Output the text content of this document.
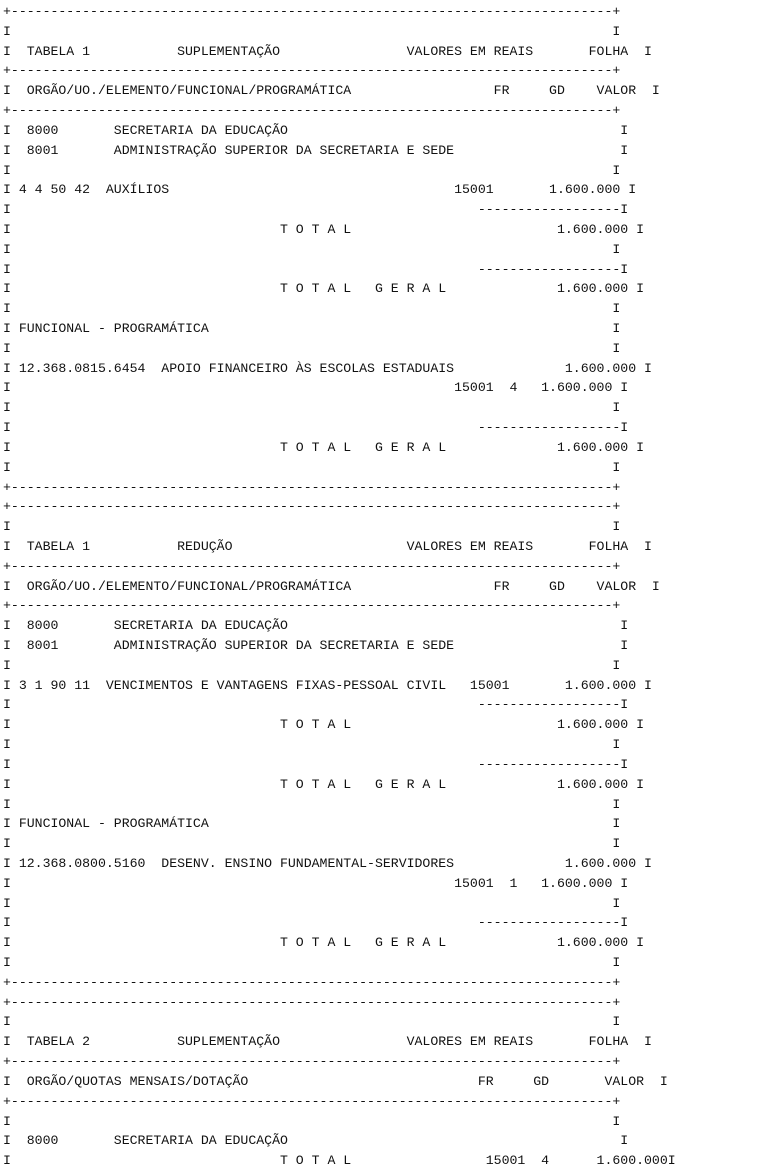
+----------------------------------------------------------------------------+
I                                                                            I
I  TABELA 1           SUPLEMENTAÇÃO                VALORES EM REAIS       FOLHA  I
+----------------------------------------------------------------------------+
I  ORGÃO/UO./ELEMENTO/FUNCIONAL/PROGRAMÁTICA                  FR     GD    VALOR  I
+----------------------------------------------------------------------------+
I  8000       SECRETARIA DA EDUCAÇÃO                                          I
I  8001       ADMINISTRAÇÃO SUPERIOR DA SECRETARIA E SEDE                     I
I                                                                            I
I 4 4 50 42  AUXÍLIOS                                    15001       1.600.000 I
I                                                           ------------------I
I                                  T O T A L                          1.600.000 I
I                                                                            I
I                                                           ------------------I
I                                  T O T A L   G E R A L              1.600.000 I
I                                                                            I
I FUNCIONAL - PROGRAMÁTICA                                                   I
I                                                                            I
I 12.368.0815.6454  APOIO FINANCEIRO ÀS ESCOLAS ESTADUAIS              1.600.000 I
I                                                        15001  4   1.600.000 I
I                                                                            I
I                                                           ------------------I
I                                  T O T A L   G E R A L              1.600.000 I
I                                                                            I
+----------------------------------------------------------------------------+
+----------------------------------------------------------------------------+
I                                                                            I
I  TABELA 1           REDUÇÃO                      VALORES EM REAIS       FOLHA  I
+----------------------------------------------------------------------------+
I  ORGÃO/UO./ELEMENTO/FUNCIONAL/PROGRAMÁTICA                  FR     GD    VALOR  I
+----------------------------------------------------------------------------+
I  8000       SECRETARIA DA EDUCAÇÃO                                          I
I  8001       ADMINISTRAÇÃO SUPERIOR DA SECRETARIA E SEDE                     I
I                                                                            I
I 3 1 90 11  VENCIMENTOS E VANTAGENS FIXAS-PESSOAL CIVIL   15001       1.600.000 I
I                                                           ------------------I
I                                  T O T A L                          1.600.000 I
I                                                                            I
I                                                           ------------------I
I                                  T O T A L   G E R A L              1.600.000 I
I                                                                            I
I FUNCIONAL - PROGRAMÁTICA                                                   I
I                                                                            I
I 12.368.0800.5160  DESENV. ENSINO FUNDAMENTAL-SERVIDORES              1.600.000 I
I                                                        15001  1   1.600.000 I
I                                                                            I
I                                                           ------------------I
I                                  T O T A L   G E R A L              1.600.000 I
I                                                                            I
+----------------------------------------------------------------------------+
+----------------------------------------------------------------------------+
I                                                                            I
I  TABELA 2           SUPLEMENTAÇÃO                VALORES EM REAIS       FOLHA  I
+----------------------------------------------------------------------------+
I  ORGÃO/QUOTAS MENSAIS/DOTAÇÃO                             FR     GD       VALOR  I
+----------------------------------------------------------------------------+
I                                                                            I
I  8000       SECRETARIA DA EDUCAÇÃO                                          I
I                                  T O T A L                 15001  4      1.600.000I
